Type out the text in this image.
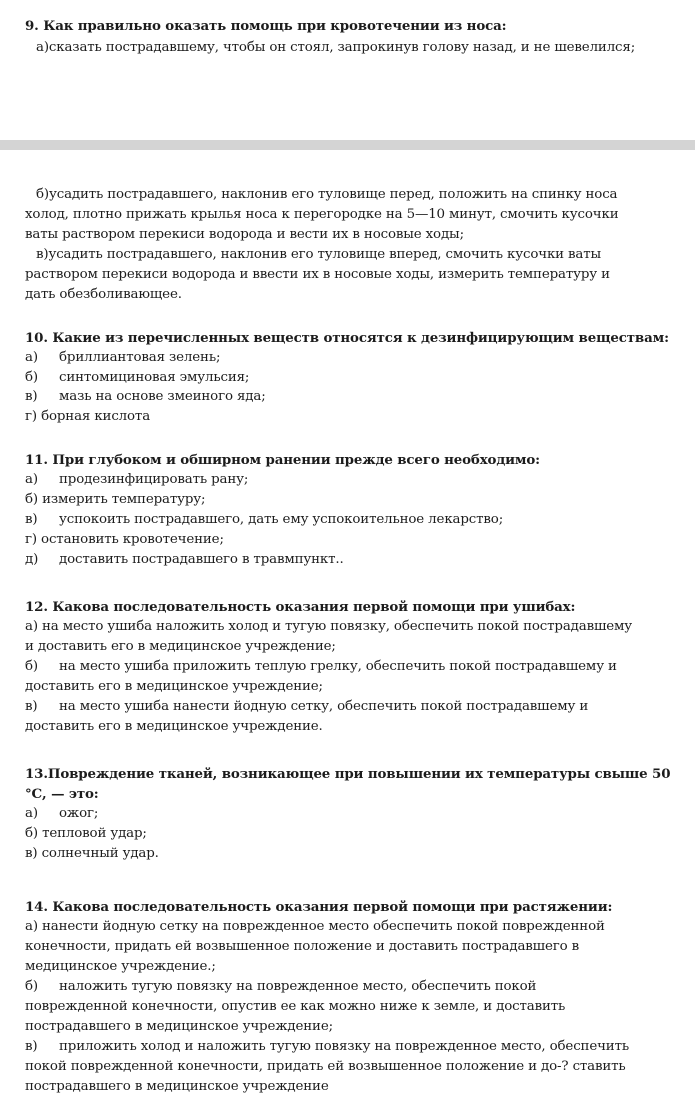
9. Как правильно оказать помощь при кровотечении из носа:
а)сказать пострадавшему, чтобы он стоял, запрокинув голову назад, и не шевелился;
б)усадить пострадавшего, наклонив его туловище перед, положить на спинку носа
холод, плотно прижать крылья носа к перегородке на 5—10 минут, смочить кусочки
ваты раствором перекиси водорода и вести их в носовые ходы;
в)усадить пострадавшего, наклонив его туловище вперед, смочить кусочки ваты
раствором перекиси водорода и ввести их в носовые ходы, измерить температуру и
дать обезболивающее.
10. Какие из перечисленных веществ относятся к дезинфицирующим веществам:
а) бриллиантовая зелень;
б) синтомициновая эмульсия;
в) мазь на основе змеиного яда;
г) борная кислота
11. При глубоком и обширном ранении прежде всего необходимо:
а) продезинфицировать рану;
б) измерить температуру;
в) успокоить пострадавшего, дать ему успокоительное лекарство;
г) остановить кровотечение;
д) доставить пострадавшего в травмпункт..
12. Какова последовательность оказания первой помощи при ушибах:
а) на место ушиба наложить холод и тугую повязку, обеспечить покой пострадавшему
и доставить его в медицинское учреждение;
б) на место ушиба приложить теплую грелку, обеспечить покой пострадавшему и
доставить его в медицинское учреждение;
в) на место ушиба нанести йодную сетку, обеспечить покой пострадавшему и
доставить его в медицинское учреждение.
13.Повреждение тканей, возникающее при повышении их температуры свыше 50
°С, — это:
а) ожог;
б) тепловой удар;
в) солнечный удар.
14. Какова последовательность оказания первой помощи при растяжении:
а) нанести йодную сетку на поврежденное место обеспечить покой поврежденной
конечности, придать ей возвышенное положение и доставить пострадавшего в
медицинское учреждение.;
б) наложить тугую повязку на поврежденное место, обеспечить покой
поврежденной конечности, опустив ее как можно ниже к земле, и доставить
пострадавшего в медицинское учреждение;
в) приложить холод и наложить тугую повязку на поврежденное место, обеспечить
покой поврежденной конечности, придать ей возвышенное положение и до-? ставить
пострадавшего в медицинское учреждение
